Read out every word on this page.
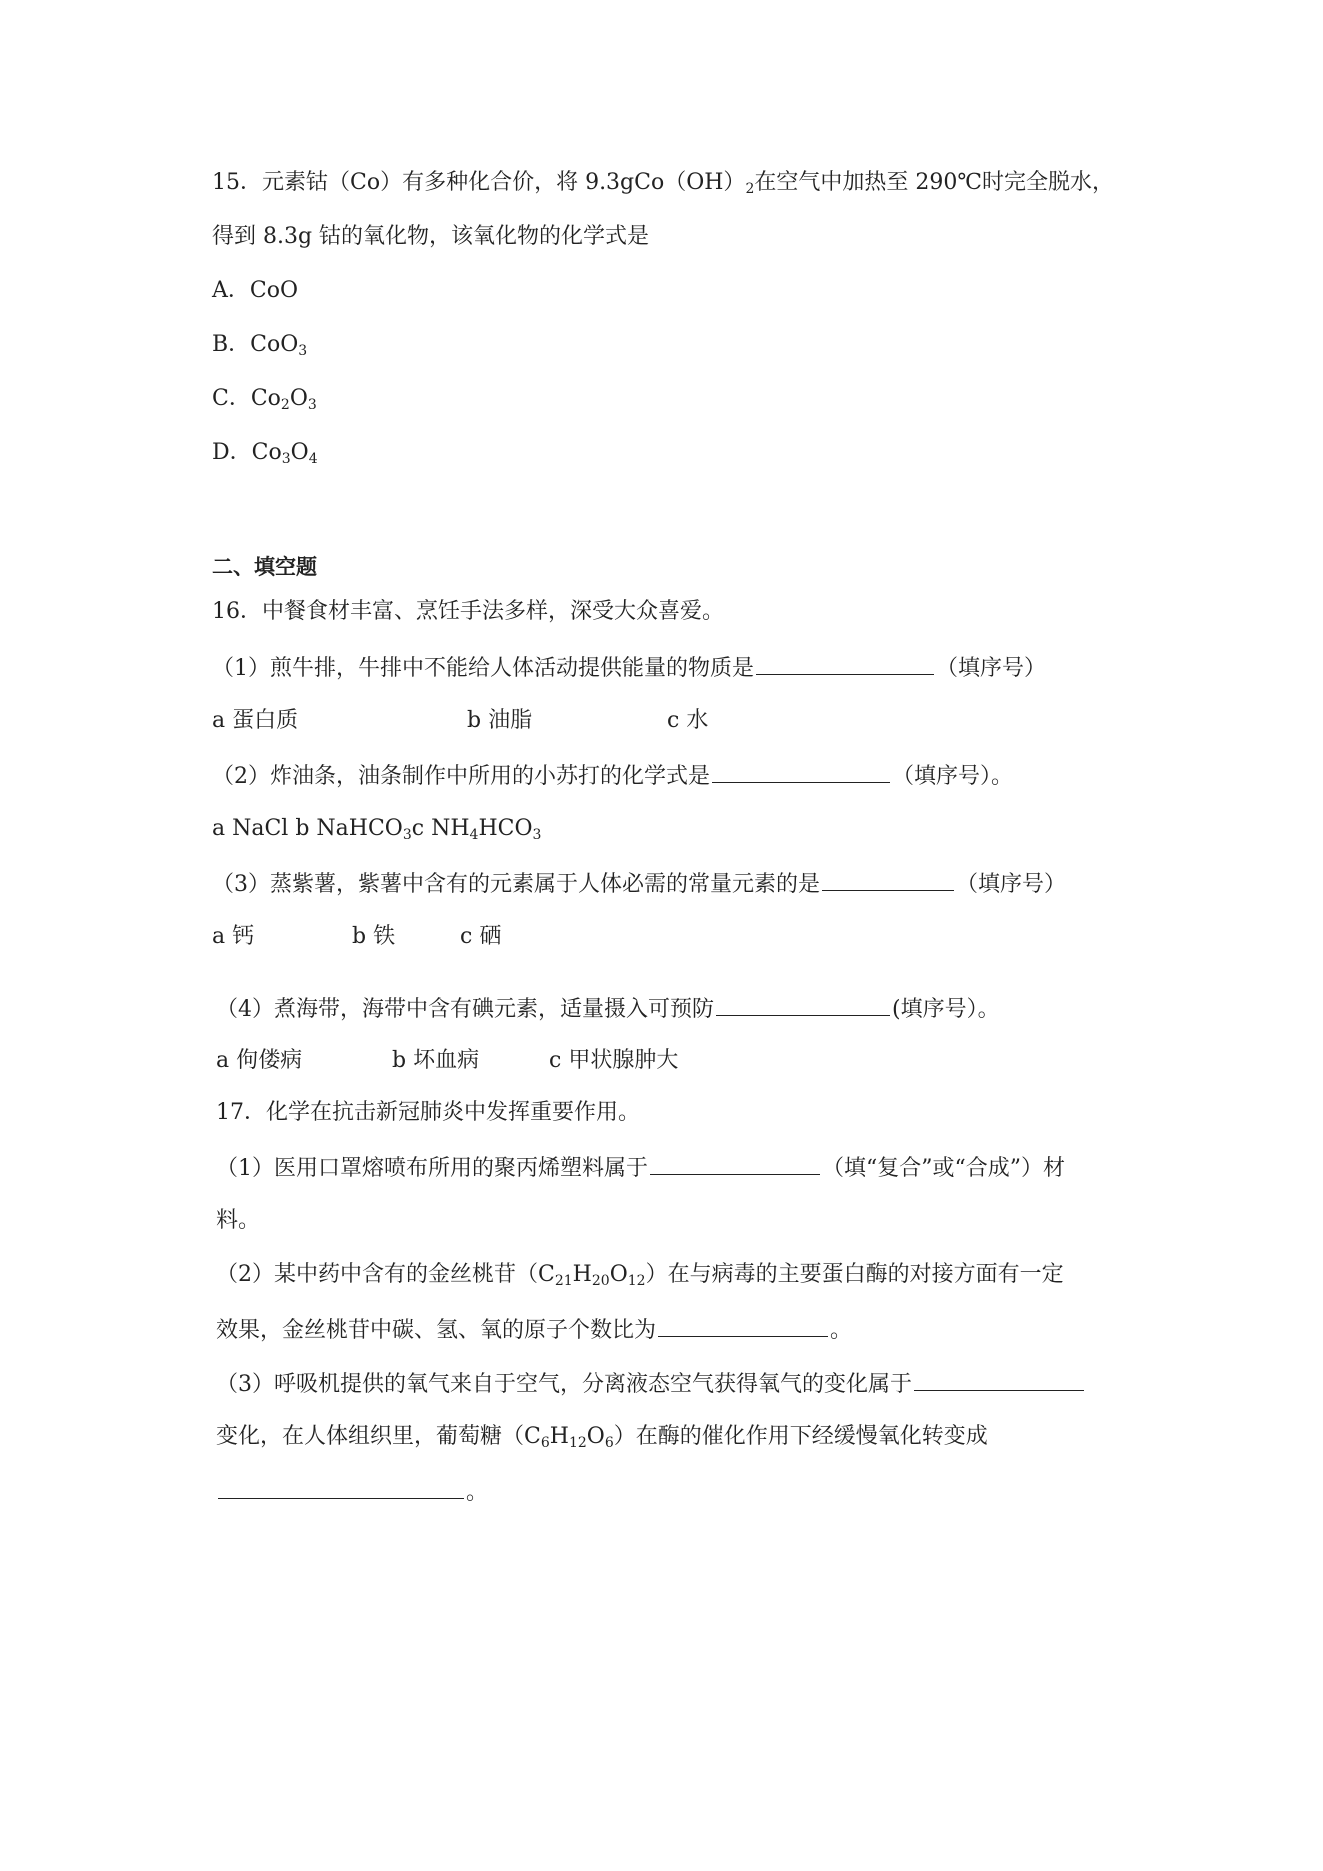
15．元素钴（Co）有多种化合价，将 $9.3gCo(OH)_2$在空气中加热至 290℃时完全脱水，
得到 8.3g 钴的氧化物，该氧化物的化学式是
A．CoO
B．CoO$_3$
C．$Co_2O_3$
D．$Co_3O_4$
二、填空题
16．中餐食材丰富、烹饪手法多样，深受大众喜爱。
（1）煎牛排，牛排中不能给人体活动提供能量的物质是	（填序号）
a 蛋白质	b 油脂	c 水
（2）炸油条，油条制作中所用的小苏打的化学式是	（填序号）。
a NaCl b NaHCO$_3$c $NH_4HCO_3$
（3）蒸紫薯，紫薯中含有的元素属于人体必需的常量元素的是	（填序号）
a 钙	b 铁	c 硒
（4）煮海带，海带中含有碘元素，适量摄入可预防	(填序号）。
a 佝偻病	b 坏血病	c 甲状腺肿大
17．化学在抗击新冠肺炎中发挥重要作用。
（1）医用口罩熔喷布所用的聚丙烯塑料属于	（填“复合”或“合成”）材
料。
（2）某中药中含有的金丝桃苷$(C_{21}H_{20}O_{12})$在与病毒的主要蛋白酶的对接方面有一定
效果，金丝桃苷中碳、氢、氧的原子个数比为	。
（3）呼吸机提供的氧气来自于空气，分离液态空气获得氧气的变化属于
变化，在人体组织里，葡萄糖$(C_6H_{12}O_6)$在酶的催化作用下经缓慢氧化转变成
。
